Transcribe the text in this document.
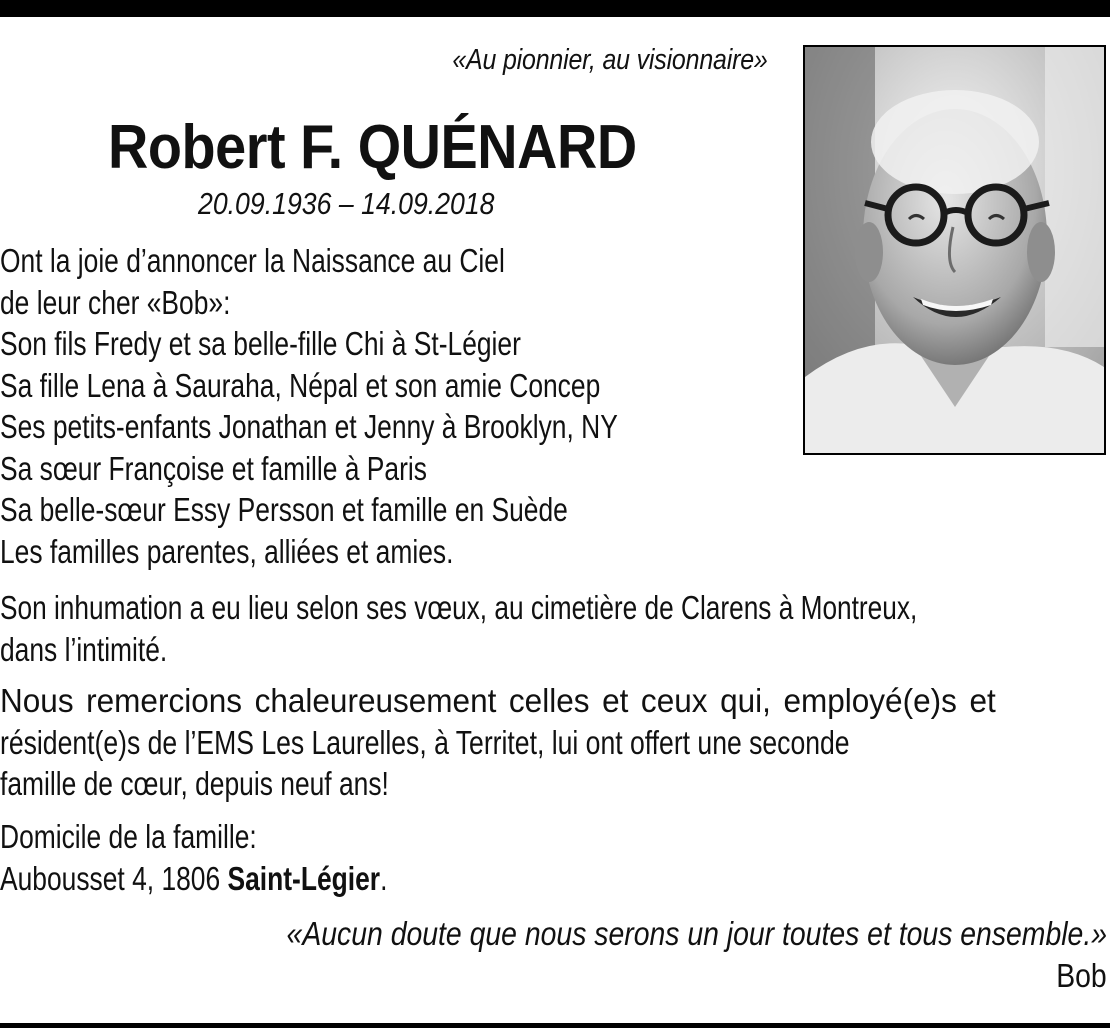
«Au pionnier, au visionnaire»
Robert F. QUÉNARD
20.09.1936 – 14.09.2018
Ont la joie d’annoncer la Naissance au Ciel
de leur cher «Bob»:
Son fils Fredy et sa belle-fille Chi à St-Légier
Sa fille Lena à Sauraha, Népal et son amie Concep
Ses petits-enfants Jonathan et Jenny à Brooklyn, NY
Sa sœur Françoise et famille à Paris
Sa belle-sœur Essy Persson et famille en Suède
Les familles parentes, alliées et amies.

Son inhumation a eu lieu selon ses vœux, au cimetière de Clarens à Montreux,
dans l’intimité.

Nous remercions chaleureusement celles et ceux qui, employé(e)s et
résident(e)s de l’EMS Les Laurelles, à Territet, lui ont offert une seconde
famille de cœur, depuis neuf ans!

Domicile de la famille:
Aubousset 4, 1806 Saint-Légier.

«Aucun doute que nous serons un jour toutes et tous ensemble.»
Bob
